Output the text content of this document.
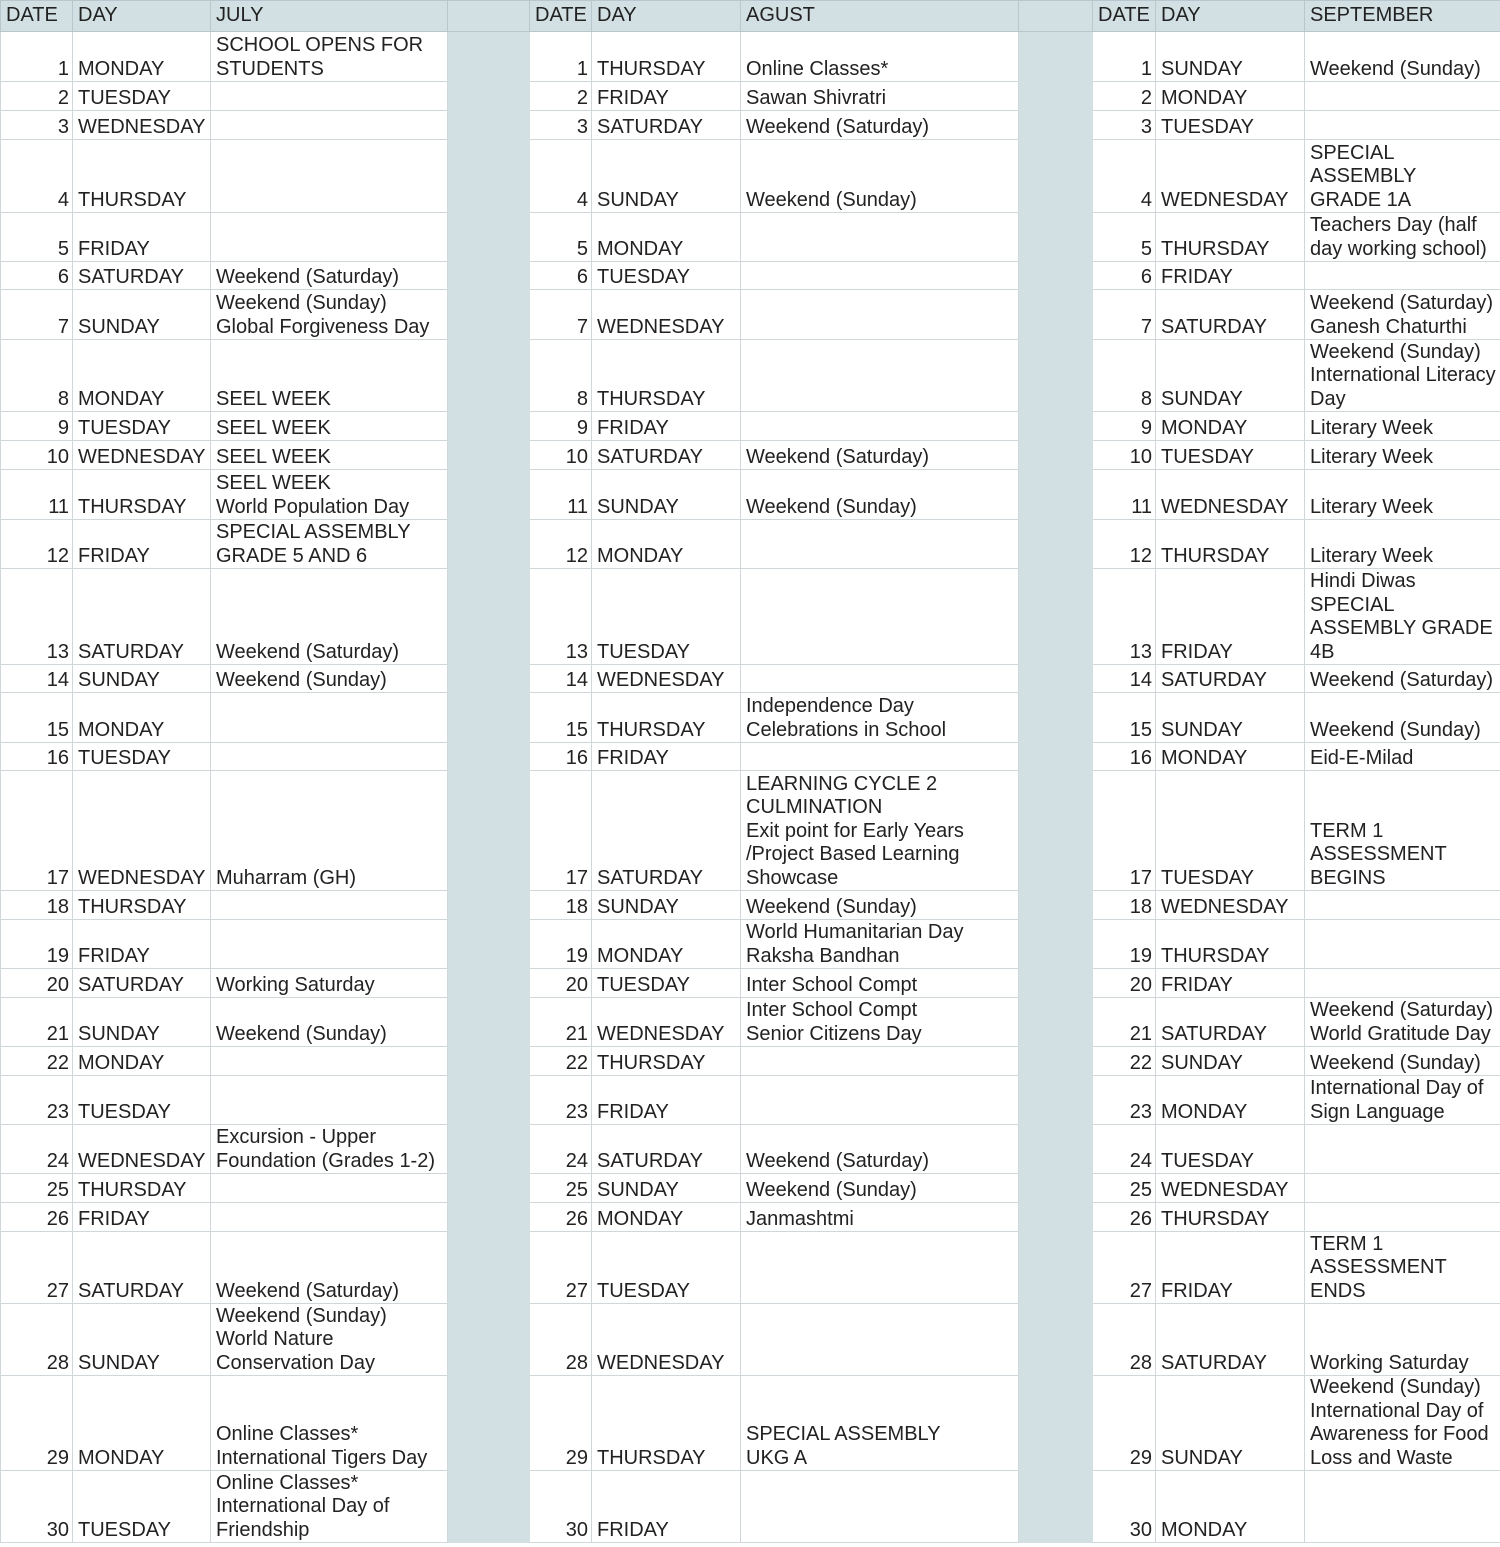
DATE	DAY	JULY		DATE	DAY	AGUST		DATE	DAY	SEPTEMBER
1	MONDAY	SCHOOL OPENS FOR
STUDENTS		1	THURSDAY	Online Classes*		1	SUNDAY	Weekend (Sunday)
2	TUESDAY			2	FRIDAY	Sawan Shivratri		2	MONDAY	
3	WEDNESDAY			3	SATURDAY	Weekend (Saturday)		3	TUESDAY	
4	THURSDAY			4	SUNDAY	Weekend (Sunday)		4	WEDNESDAY	SPECIAL
ASSEMBLY
GRADE 1A
5	FRIDAY			5	MONDAY			5	THURSDAY	Teachers Day (half
day working school)
6	SATURDAY	Weekend (Saturday)		6	TUESDAY			6	FRIDAY	
7	SUNDAY	Weekend (Sunday)
Global Forgiveness Day		7	WEDNESDAY			7	SATURDAY	Weekend (Saturday)
Ganesh Chaturthi
8	MONDAY	SEEL WEEK		8	THURSDAY			8	SUNDAY	Weekend (Sunday)
International Literacy
Day
9	TUESDAY	SEEL WEEK		9	FRIDAY			9	MONDAY	Literary Week
10	WEDNESDAY	SEEL WEEK		10	SATURDAY	Weekend (Saturday)		10	TUESDAY	Literary Week
11	THURSDAY	SEEL WEEK
World Population Day		11	SUNDAY	Weekend (Sunday)		11	WEDNESDAY	Literary Week
12	FRIDAY	SPECIAL ASSEMBLY
GRADE 5 AND 6		12	MONDAY			12	THURSDAY	Literary Week
13	SATURDAY	Weekend (Saturday)		13	TUESDAY			13	FRIDAY	Hindi Diwas
SPECIAL
ASSEMBLY GRADE
4B
14	SUNDAY	Weekend (Sunday)		14	WEDNESDAY			14	SATURDAY	Weekend (Saturday)
15	MONDAY			15	THURSDAY	Independence Day
Celebrations in School		15	SUNDAY	Weekend (Sunday)
16	TUESDAY			16	FRIDAY			16	MONDAY	Eid-E-Milad
17	WEDNESDAY	Muharram (GH)		17	SATURDAY	LEARNING CYCLE 2
CULMINATION
Exit point for Early Years
/Project Based Learning
Showcase		17	TUESDAY	TERM 1
ASSESSMENT
BEGINS
18	THURSDAY			18	SUNDAY	Weekend (Sunday)		18	WEDNESDAY	
19	FRIDAY			19	MONDAY	World Humanitarian Day
Raksha Bandhan		19	THURSDAY	
20	SATURDAY	Working Saturday		20	TUESDAY	Inter School Compt		20	FRIDAY	
21	SUNDAY	Weekend (Sunday)		21	WEDNESDAY	Inter School Compt
Senior Citizens Day		21	SATURDAY	Weekend (Saturday)
World Gratitude Day
22	MONDAY			22	THURSDAY			22	SUNDAY	Weekend (Sunday)
23	TUESDAY			23	FRIDAY			23	MONDAY	International Day of
Sign Language
24	WEDNESDAY	Excursion - Upper
Foundation (Grades 1-2)		24	SATURDAY	Weekend (Saturday)		24	TUESDAY	
25	THURSDAY			25	SUNDAY	Weekend (Sunday)		25	WEDNESDAY	
26	FRIDAY			26	MONDAY	Janmashtmi		26	THURSDAY	
27	SATURDAY	Weekend (Saturday)		27	TUESDAY			27	FRIDAY	TERM 1
ASSESSMENT
ENDS
28	SUNDAY	Weekend (Sunday)
World Nature
Conservation Day		28	WEDNESDAY			28	SATURDAY	Working Saturday
29	MONDAY	Online Classes*
International Tigers Day		29	THURSDAY	SPECIAL ASSEMBLY
UKG A		29	SUNDAY	Weekend (Sunday)
International Day of
Awareness for Food
Loss and Waste
30	TUESDAY	Online Classes*
International Day of
Friendship		30	FRIDAY			30	MONDAY	
